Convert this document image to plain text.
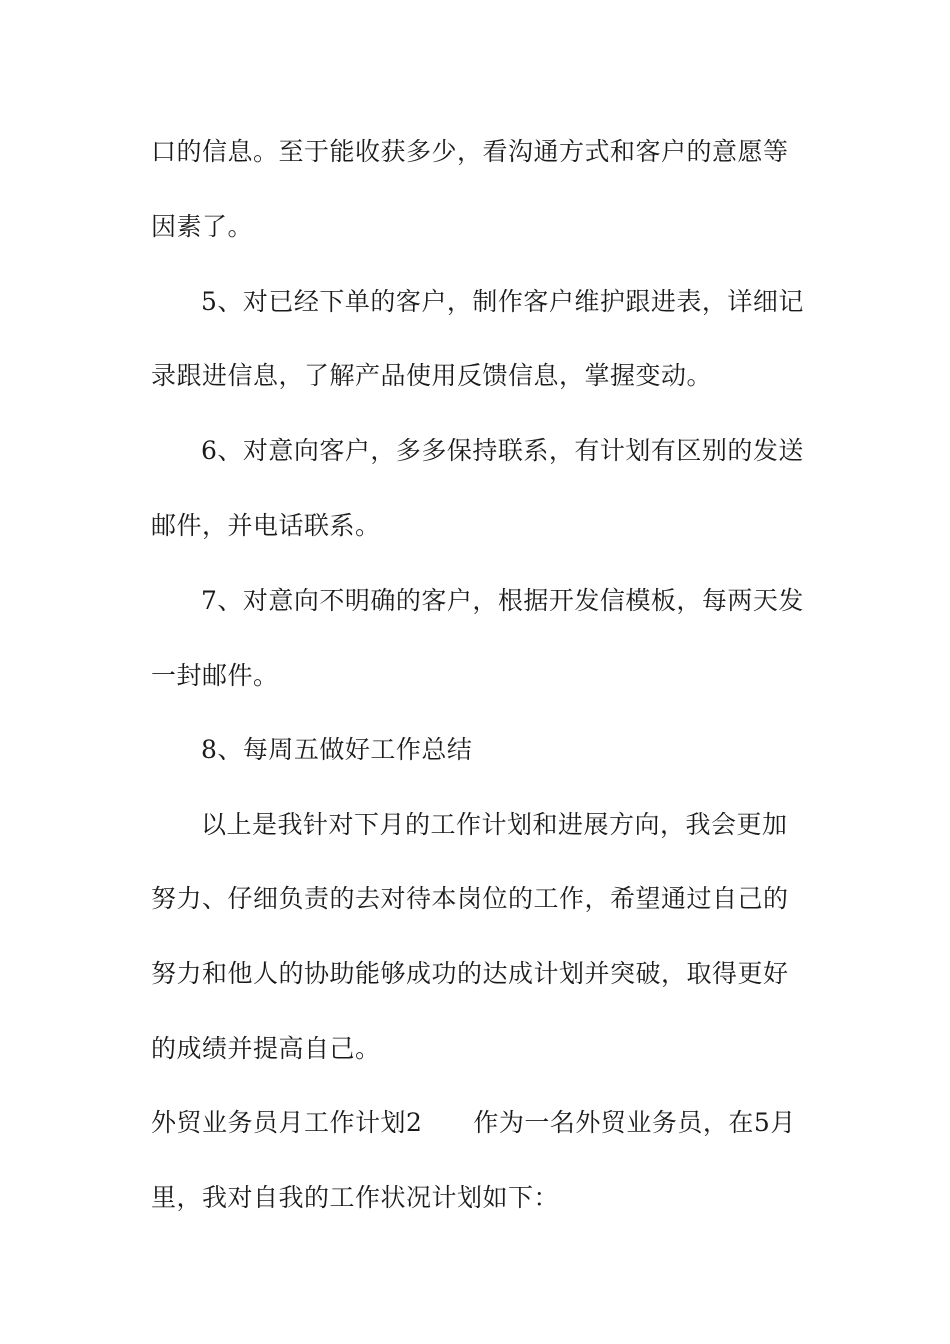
口的信息。至于能收获多少，看沟通方式和客户的意愿等
因素了。
5、对已经下单的客户，制作客户维护跟进表，详细记
录跟进信息，了解产品使用反馈信息，掌握变动。
6、对意向客户，多多保持联系，有计划有区别的发送
邮件，并电话联系。
7、对意向不明确的客户，根据开发信模板，每两天发
一封邮件。
8、每周五做好工作总结
以上是我针对下月的工作计划和进展方向，我会更加
努力、仔细负责的去对待本岗位的工作，希望通过自己的
努力和他人的协助能够成功的达成计划并突破，取得更好
的成绩并提高自己。
外贸业务员月工作计划2　　作为一名外贸业务员，在5月
里，我对自我的工作状况计划如下：
